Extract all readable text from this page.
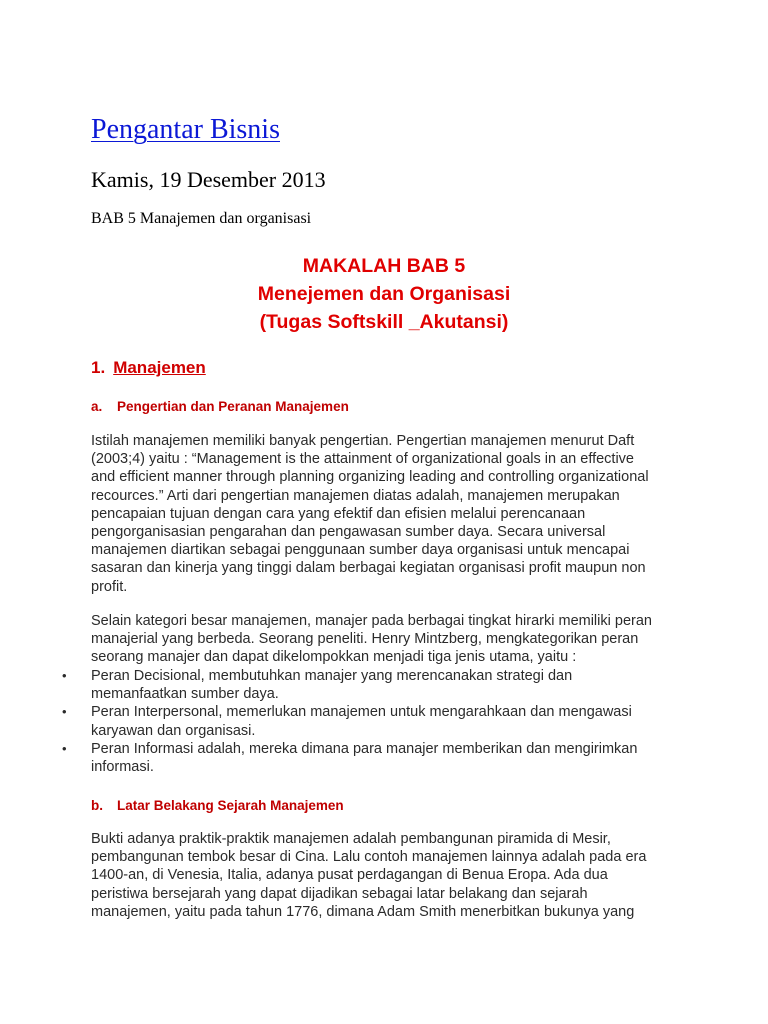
Pengantar Bisnis
Kamis, 19 Desember 2013
BAB 5 Manajemen dan organisasi
MAKALAH BAB 5
Menejemen dan Organisasi
(Tugas Softskill _Akutansi)
1. Manajemen
a. Pengertian dan Peranan Manajemen
Istilah manajemen memiliki banyak pengertian. Pengertian manajemen menurut Daft
(2003;4) yaitu : “Management is the attainment of organizational goals in an effective
and efficient manner through planning organizing leading and controlling organizational
recources.” Arti dari pengertian manajemen diatas adalah, manajemen merupakan
pencapaian tujuan dengan cara yang efektif dan efisien melalui perencanaan
pengorganisasian pengarahan dan pengawasan sumber daya. Secara universal
manajemen diartikan sebagai penggunaan sumber daya organisasi untuk mencapai
sasaran dan kinerja yang tinggi dalam berbagai kegiatan organisasi profit maupun non
profit.
Selain kategori besar manajemen, manajer pada berbagai tingkat hirarki memiliki peran
manajerial yang berbeda. Seorang peneliti. Henry Mintzberg, mengkategorikan peran
seorang manajer dan dapat dikelompokkan menjadi tiga jenis utama, yaitu :
• Peran Decisional, membutuhkan manajer yang merencanakan strategi dan
memanfaatkan sumber daya.
• Peran Interpersonal, memerlukan manajemen untuk mengarahkaan dan mengawasi
karyawan dan organisasi.
• Peran Informasi adalah, mereka dimana para manajer memberikan dan mengirimkan
informasi.
b. Latar Belakang Sejarah Manajemen
Bukti adanya praktik-praktik manajemen adalah pembangunan piramida di Mesir,
pembangunan tembok besar di Cina. Lalu contoh manajemen lainnya adalah pada era
1400-an, di Venesia, Italia, adanya pusat perdagangan di Benua Eropa. Ada dua
peristiwa bersejarah yang dapat dijadikan sebagai latar belakang dan sejarah
manajemen, yaitu pada tahun 1776, dimana Adam Smith menerbitkan bukunya yang
